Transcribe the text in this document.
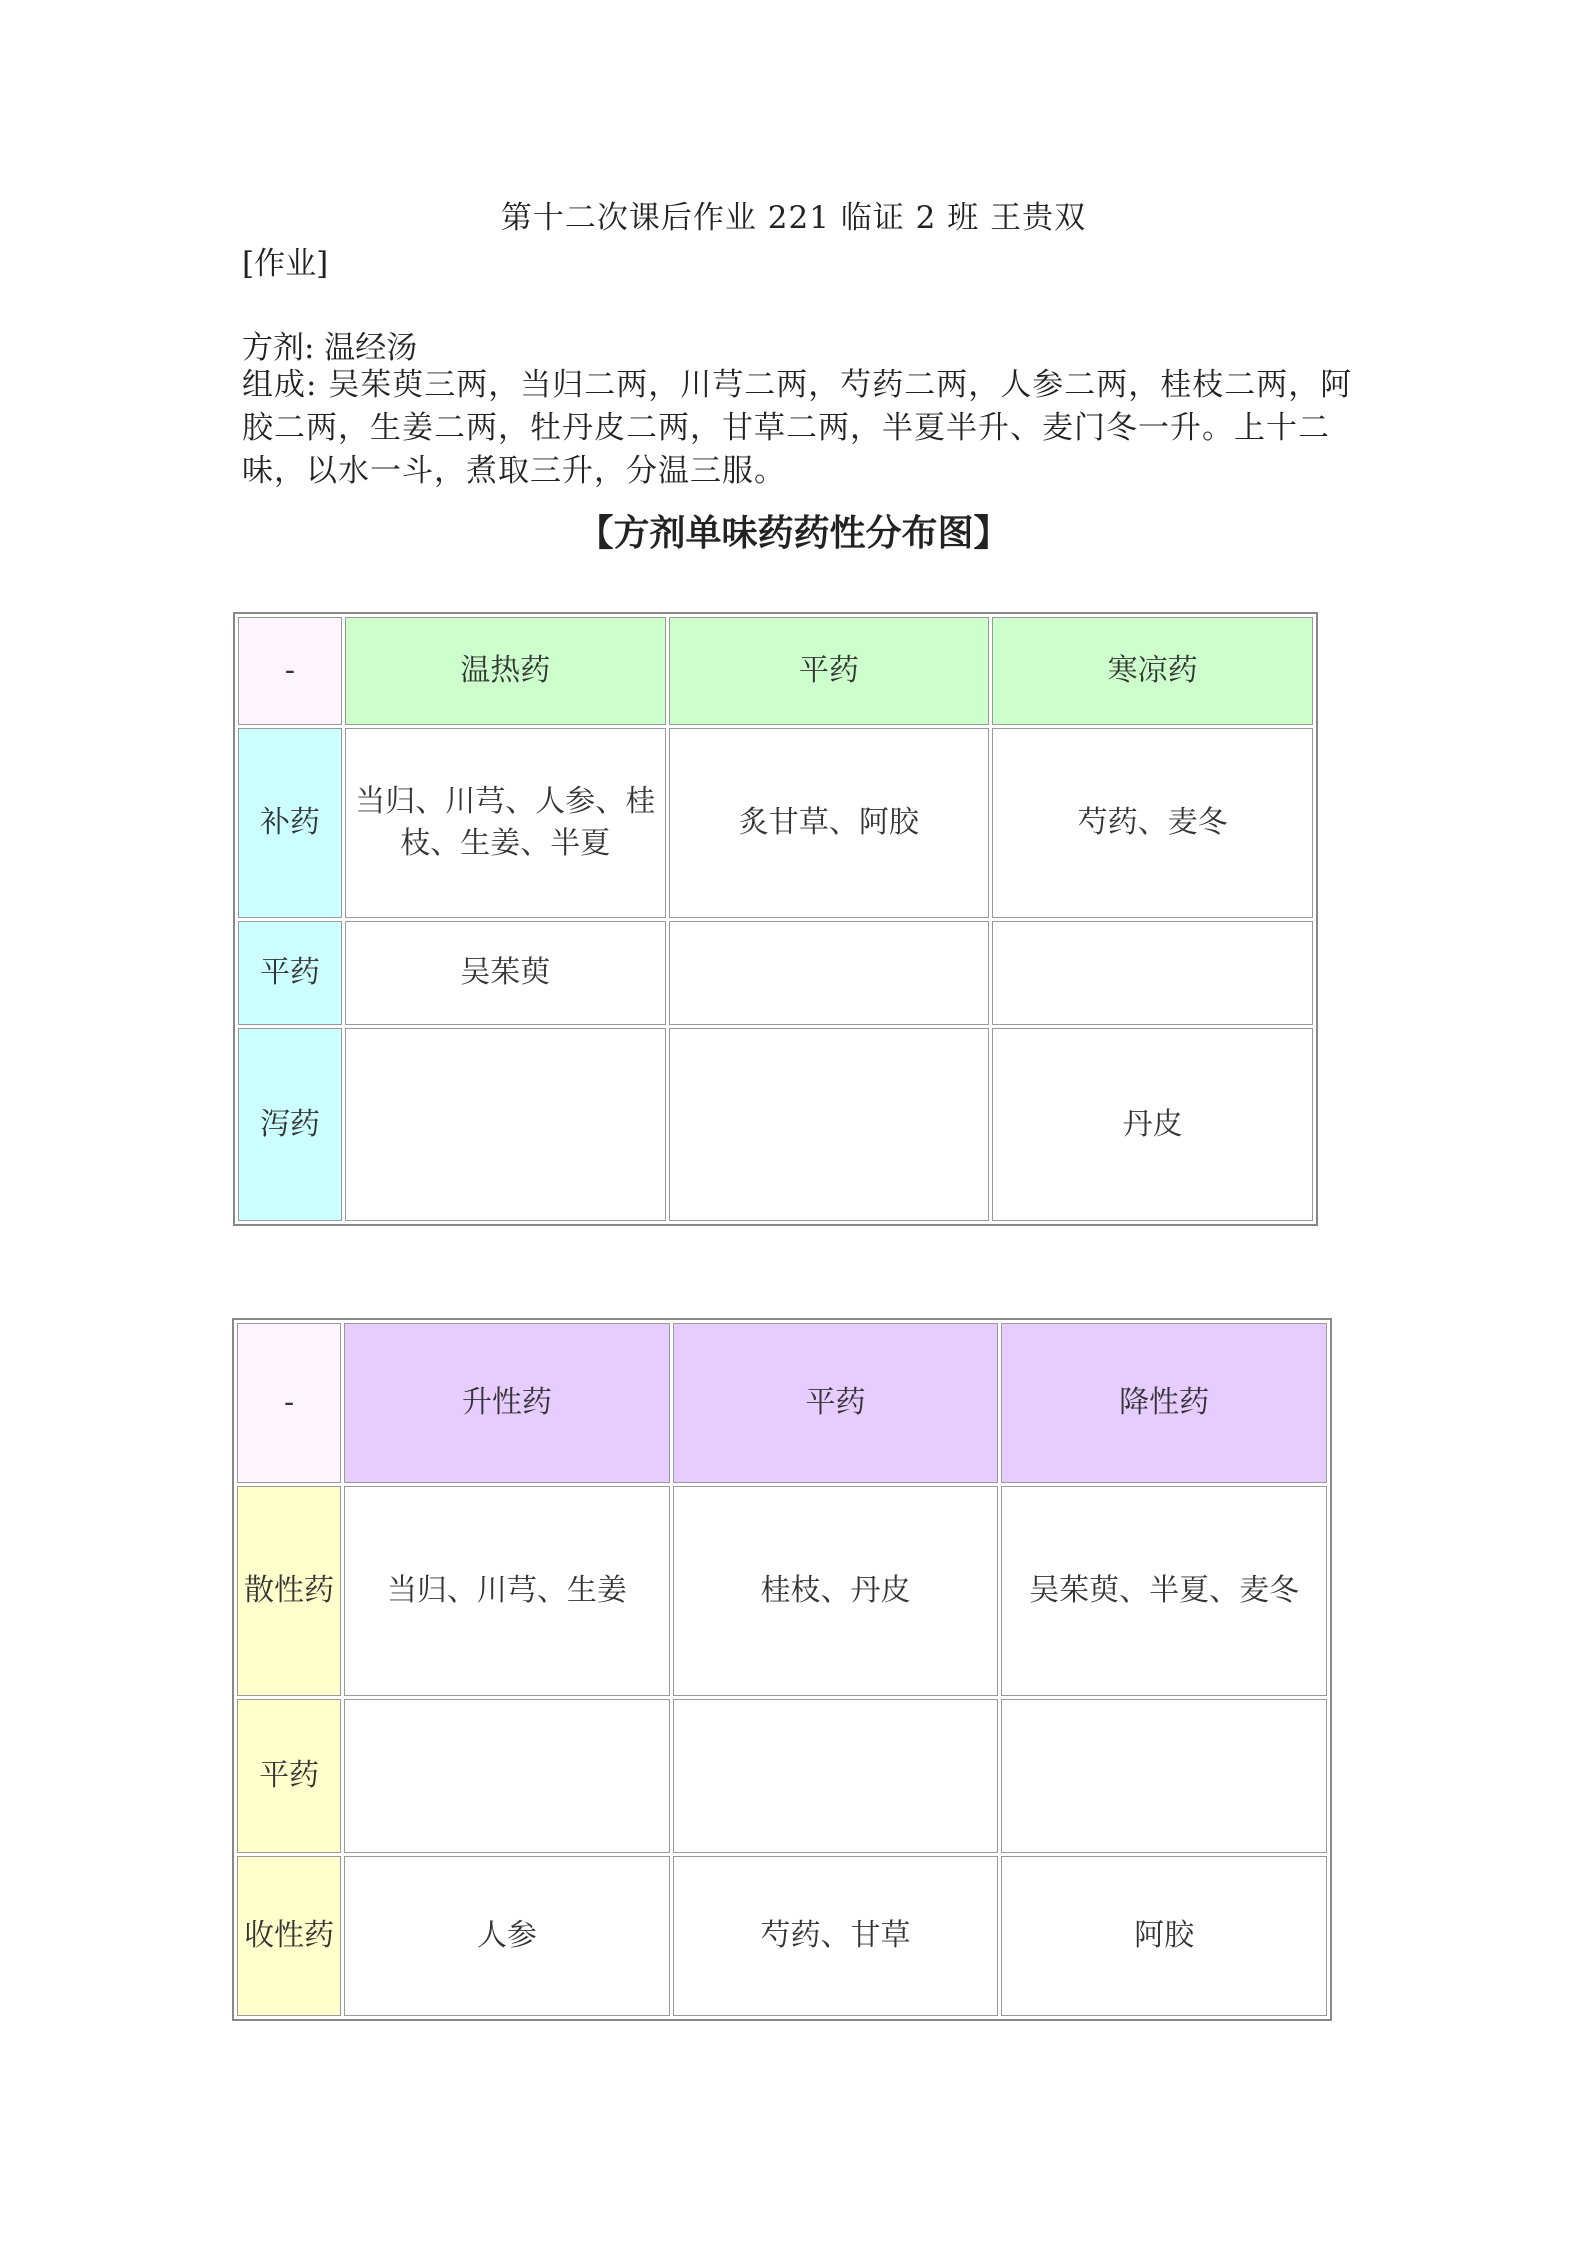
第十二次课后作业 221 临证 2 班 王贵双
[作业]
方剂: 温经汤
组成: 吴茱萸三两，当归二两，川芎二两，芍药二两，人参二两，桂枝二两，阿胶二两，生姜二两，牡丹皮二两，甘草二两，半夏半升、麦门冬一升。上十二味，以水一斗，煮取三升，分温三服。
【方剂单味药药性分布图】
-	温热药	平药	寒凉药
补药	当归、川芎、人参、桂枝、生姜、半夏	炙甘草、阿胶	芍药、麦冬
平药	吴茱萸		
泻药			丹皮
-	升性药	平药	降性药
散性药	当归、川芎、生姜	桂枝、丹皮	吴茱萸、半夏、麦冬
平药			
收性药	人参	芍药、甘草	阿胶
